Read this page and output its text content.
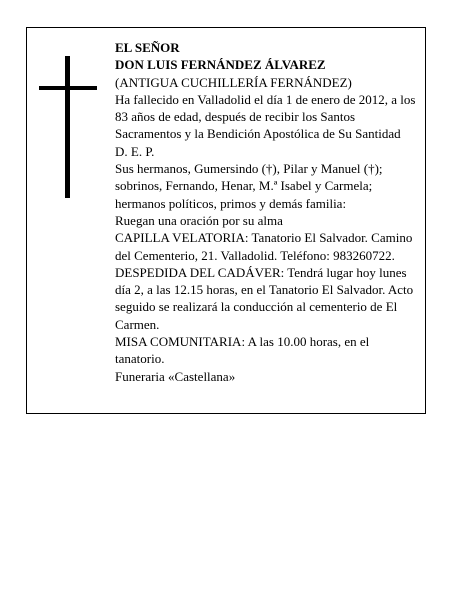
EL SEÑOR

DON LUIS FERNÁNDEZ ÁLVAREZ

(ANTIGUA CUCHILLERÍA FERNÁNDEZ)

Ha fallecido en Valladolid el día 1 de enero de 2012, a los 83 años de edad, después de recibir los Santos Sacramentos y la Bendición Apostólica de Su Santidad

D. E. P.

Sus hermanos, Gumersindo (†), Pilar y Manuel (†); sobrinos, Fernando, Henar, M.ª Isabel y Carmela; hermanos políticos, primos y demás familia:

Ruegan una oración por su alma

CAPILLA VELATORIA: Tanatorio El Salvador. Camino del Cementerio, 21. Valladolid. Teléfono: 983260722.

DESPEDIDA DEL CADÁVER: Tendrá lugar hoy lunes día 2, a las 12.15 horas, en el Tanatorio El Salvador. Acto seguido se realizará la conducción al cementerio de El Carmen.

MISA COMUNITARIA: A las 10.00 horas, en el tanatorio.

Funeraria «Castellana»
